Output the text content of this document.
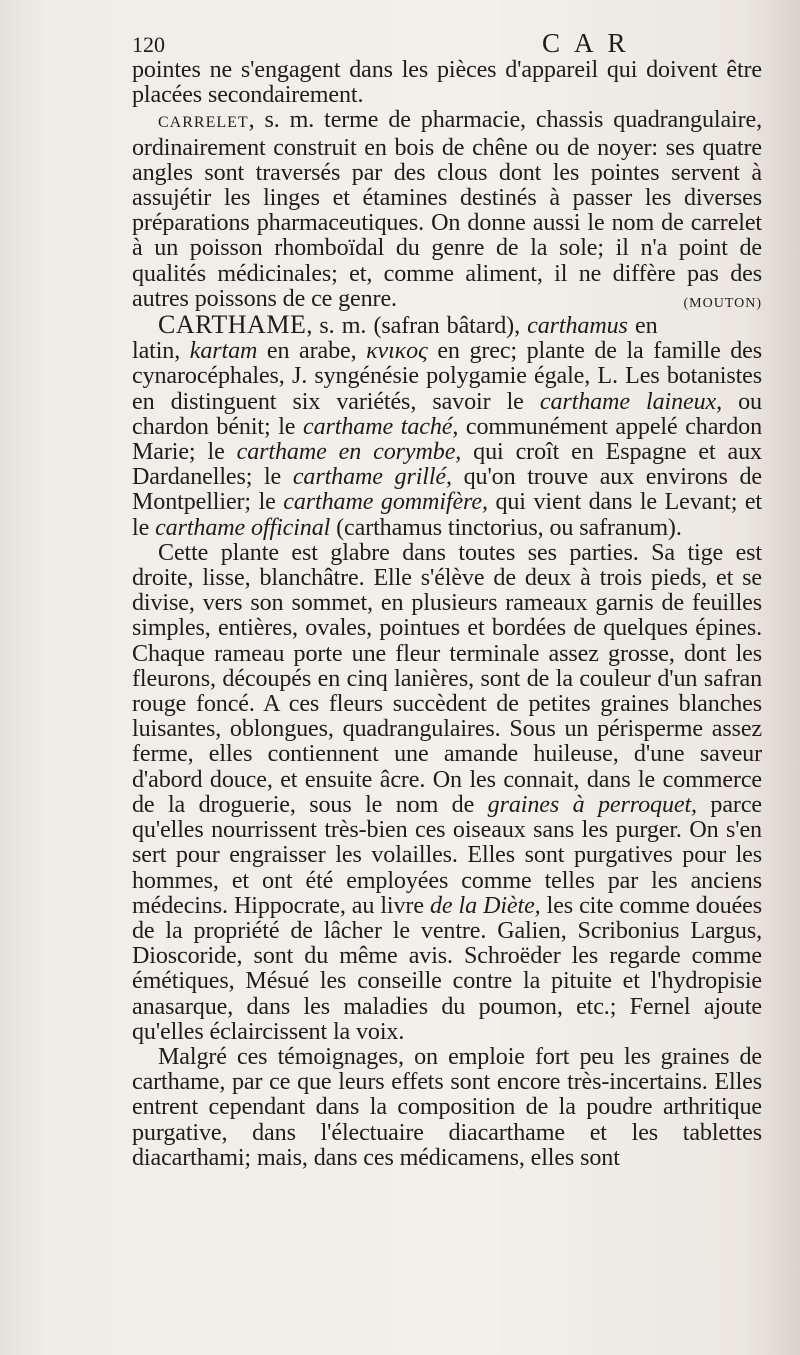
120	CAR

pointes ne s'engagent dans les pièces d'appareil qui doivent être placées secondairement.

CARRELET, s. m. terme de pharmacie, chassis quadrangulaire, ordinairement construit en bois de chêne ou de noyer: ses quatre angles sont traversés par des clous dont les pointes servent à assujétir les linges et étamines destinés à passer les diverses préparations pharmaceutiques. On donne aussi le nom de carrelet à un poisson rhomboïdal du genre de la sole; il n'a point de qualités médicinales; et, comme aliment, il ne diffère pas des autres poissons de ce genre.	(MOUTON)

CARTHAME, s. m. (safran bâtard), carthamus en latin, kartam en arabe, κνικος en grec; plante de la famille des cynarocéphales, J. syngénésie polygamie égale, L. Les botanistes en distinguent six variétés, savoir le carthame laineux, ou chardon bénit; le carthame taché, communément appelé chardon Marie; le carthame en corymbe, qui croît en Espagne et aux Dardanelles; le carthame grillé, qu'on trouve aux environs de Montpellier; le carthame gommifère, qui vient dans le Levant; et le carthame officinal (carthamus tinctorius, ou safranum).

Cette plante est glabre dans toutes ses parties. Sa tige est droite, lisse, blanchâtre. Elle s'élève de deux à trois pieds, et se divise, vers son sommet, en plusieurs rameaux garnis de feuilles simples, entières, ovales, pointues et bordées de quelques épines. Chaque rameau porte une fleur terminale assez grosse, dont les fleurons, découpés en cinq lanières, sont de la couleur d'un safran rouge foncé. A ces fleurs succèdent de petites graines blanches luisantes, oblongues, quadrangulaires. Sous un périsperme assez ferme, elles contiennent une amande huileuse, d'une saveur d'abord douce, et ensuite âcre. On les connait, dans le commerce de la droguerie, sous le nom de graines à perroquet, parce qu'elles nourrissent très-bien ces oiseaux sans les purger. On s'en sert pour engraisser les volailles. Elles sont purgatives pour les hommes, et ont été employées comme telles par les anciens médecins. Hippocrate, au livre de la Diète, les cite comme douées de la propriété de lâcher le ventre. Galien, Scribonius Largus, Dioscoride, sont du même avis. Schroëder les regarde comme émétiques, Mésué les conseille contre la pituite et l'hydropisie anasarque, dans les maladies du poumon, etc.; Fernel ajoute qu'elles éclaircissent la voix.

Malgré ces témoignages, on emploie fort peu les graines de carthame, par ce que leurs effets sont encore très-incertains. Elles entrent cependant dans la composition de la poudre arthritique purgative, dans l'électuaire diacarthame et les tablettes diacarthami; mais, dans ces médicamens, elles sont
